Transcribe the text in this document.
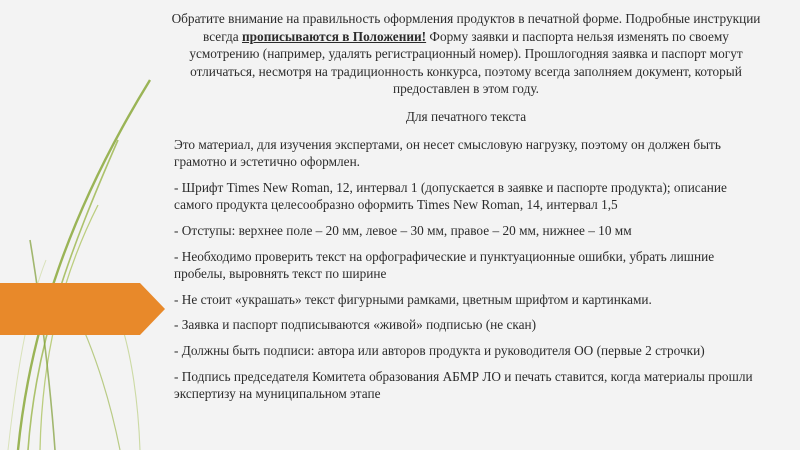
Обратите внимание на правильность оформления продуктов в печатной форме. Подробные инструкции всегда прописываются в Положении! Форму заявки и паспорта нельзя изменять по своему усмотрению (например, удалять регистрационный номер). Прошлогодняя заявка и паспорт могут отличаться, несмотря на традиционность конкурса, поэтому всегда заполняем документ, который предоставлен в этом году.

Для печатного текста

Это материал, для изучения экспертами, он несет смысловую нагрузку, поэтому он должен быть грамотно и эстетично оформлен.

- Шрифт Times New Roman, 12, интервал 1 (допускается в заявке и паспорте продукта); описание самого продукта целесообразно оформить Times New Roman, 14, интервал 1,5

- Отступы: верхнее поле – 20 мм, левое – 30 мм, правое – 20 мм, нижнее – 10 мм

- Необходимо проверить текст на орфографические и пунктуационные ошибки, убрать лишние пробелы, выровнять текст по ширине

- Не стоит «украшать» текст фигурными рамками, цветным шрифтом и картинками.

- Заявка и паспорт подписываются «живой» подписью (не скан)

- Должны быть подписи: автора или авторов продукта и руководителя ОО (первые 2 строчки)

- Подпись председателя Комитета образования АБМР ЛО и печать ставится, когда материалы прошли экспертизу на муниципальном этапе
